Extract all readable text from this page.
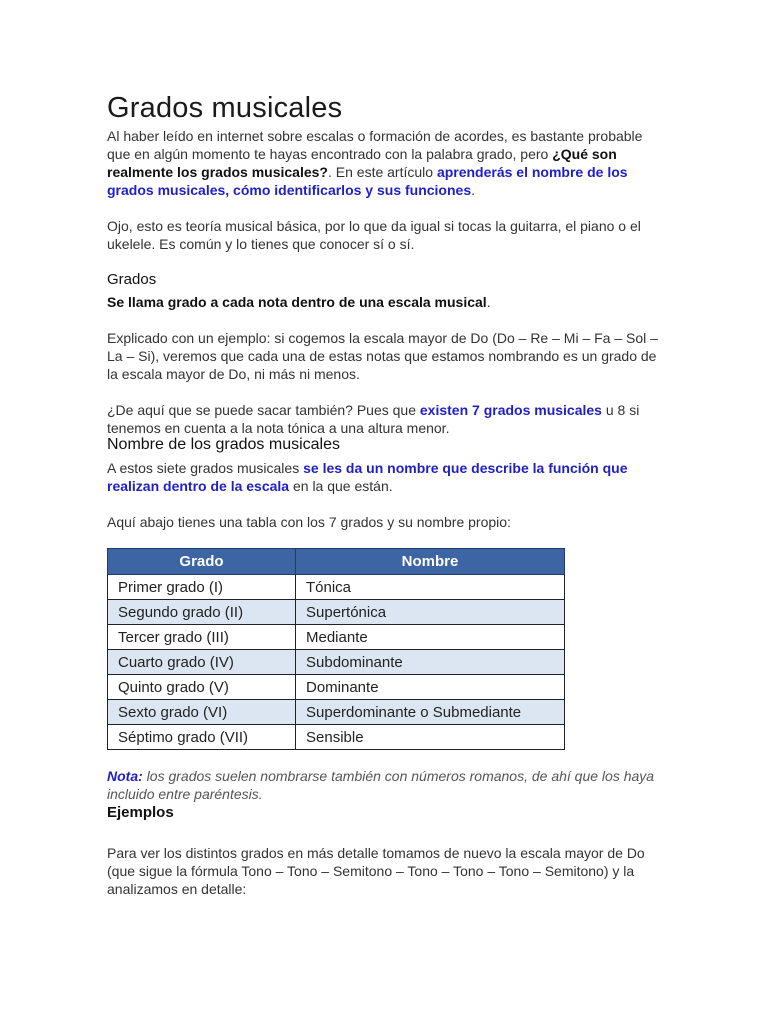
Grados musicales

Al haber leído en internet sobre escalas o formación de acordes, es bastante probable que en algún momento te hayas encontrado con la palabra grado, pero ¿Qué son realmente los grados musicales?. En este artículo aprenderás el nombre de los grados musicales, cómo identificarlos y sus funciones.

Ojo, esto es teoría musical básica, por lo que da igual si tocas la guitarra, el piano o el ukelele. Es común y lo tienes que conocer sí o sí.

Grados

Se llama grado a cada nota dentro de una escala musical.

Explicado con un ejemplo: si cogemos la escala mayor de Do (Do – Re – Mi – Fa – Sol – La – Si), veremos que cada una de estas notas que estamos nombrando es un grado de la escala mayor de Do, ni más ni menos.

¿De aquí que se puede sacar también? Pues que existen 7 grados musicales u 8 si tenemos en cuenta a la nota tónica a una altura menor.

Nombre de los grados musicales

A estos siete grados musicales se les da un nombre que describe la función que realizan dentro de la escala en la que están.

Aquí abajo tienes una tabla con los 7 grados y su nombre propio:

Grado	Nombre
Primer grado (I)	Tónica
Segundo grado (II)	Supertónica
Tercer grado (III)	Mediante
Cuarto grado (IV)	Subdominante
Quinto grado (V)	Dominante
Sexto grado (VI)	Superdominante o Submediante
Séptimo grado (VII)	Sensible

Nota: los grados suelen nombrarse también con números romanos, de ahí que los haya incluido entre paréntesis.

Ejemplos

Para ver los distintos grados en más detalle tomamos de nuevo la escala mayor de Do (que sigue la fórmula Tono – Tono – Semitono – Tono – Tono – Tono – Semitono) y la analizamos en detalle:
